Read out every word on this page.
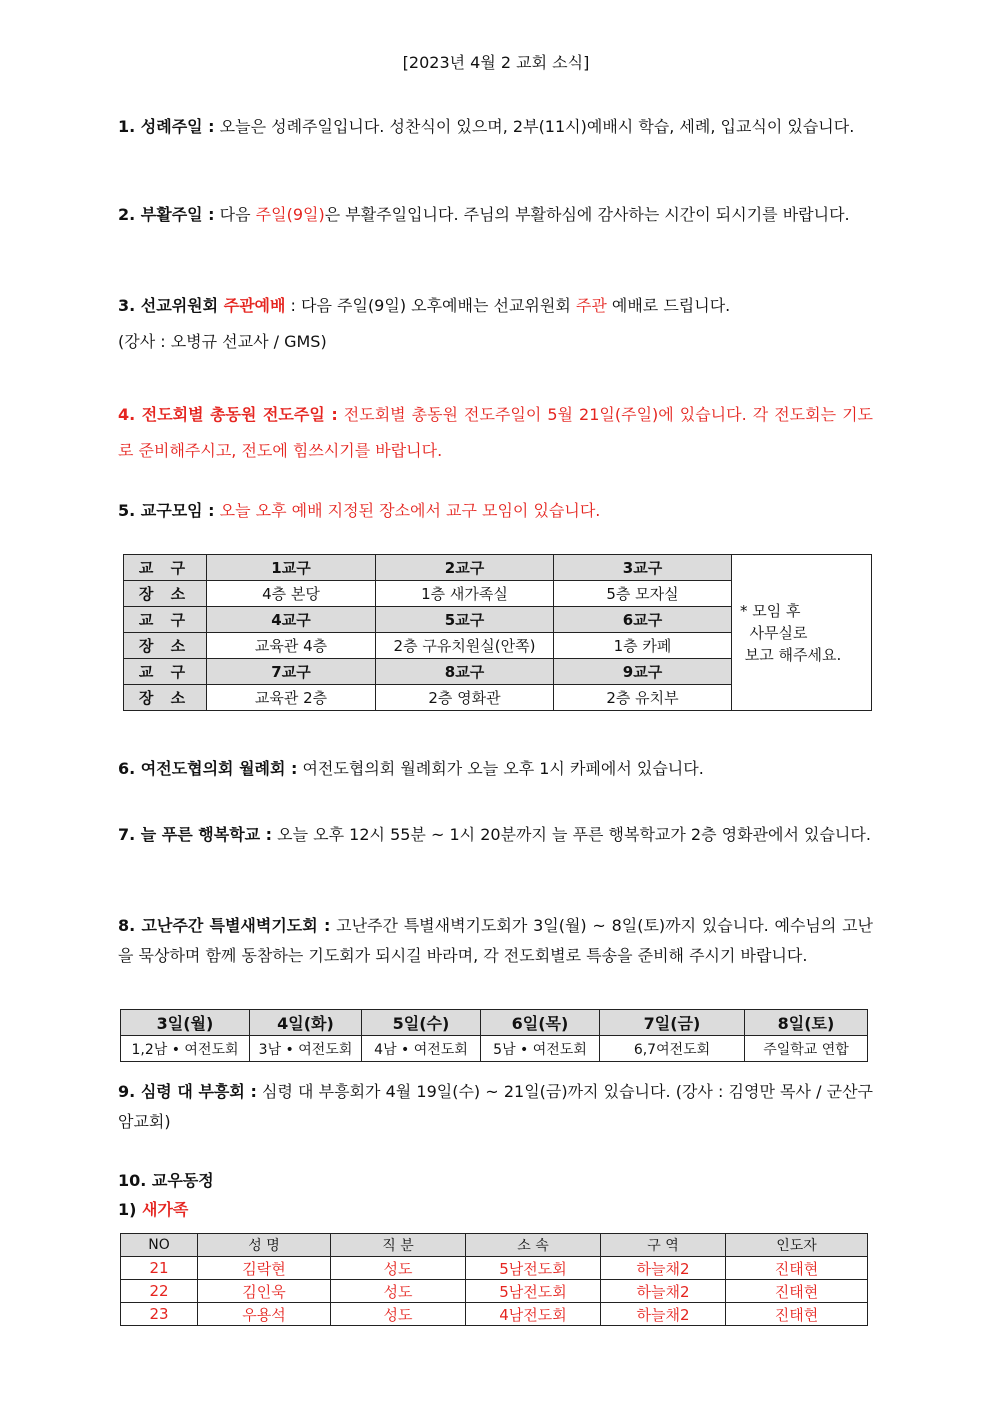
[2023년 4월 2 교회 소식]
1. 성례주일 : 오늘은 성례주일입니다. 성찬식이 있으며, 2부(11시)예배시 학습, 세례, 입교식이 있습니다.
2. 부활주일 : 다음 주일(9일)은 부활주일입니다. 주님의 부활하심에 감사하는 시간이 되시기를 바랍니다.
3. 선교위원회 주관예배 : 다음 주일(9일) 오후예배는 선교위원회 주관 예배로 드립니다.
(강사 : 오병규 선교사 / GMS)
4. 전도회별 총동원 전도주일 : 전도회별 총동원 전도주일이 5월 21일(주일)에 있습니다. 각 전도회는 기도로 준비해주시고, 전도에 힘쓰시기를 바랍니다.
5. 교구모임 : 오늘 오후 예배 지정된 장소에서 교구 모임이 있습니다.
교 구	1교구	2교구	3교구	* 모임 후
사무실로
보고 해주세요.
장 소	4층 본당	1층 새가족실	5층 모자실	
교 구	4교구	5교구	6교구	
장 소	교육관 4층	2층 구유치원실(안쪽)	1층 카페	
교 구	7교구	8교구	9교구	
장 소	교육관 2층	2층 영화관	2층 유치부	
6. 여전도협의회 월례회 : 여전도협의회 월례회가 오늘 오후 1시 카페에서 있습니다.
7. 늘 푸른 행복학교 : 오늘 오후 12시 55분 ~ 1시 20분까지 늘 푸른 행복학교가 2층 영화관에서 있습니다.
8. 고난주간 특별새벽기도회 : 고난주간 특별새벽기도회가 3일(월) ~ 8일(토)까지 있습니다. 예수님의 고난을 묵상하며 함께 동참하는 기도회가 되시길 바라며, 각 전도회별로 특송을 준비해 주시기 바랍니다.
3일(월)	4일(화)	5일(수)	6일(목)	7일(금)	8일(토)
1,2남 • 여전도회	3남 • 여전도회	4남 • 여전도회	5남 • 여전도회	6,7여전도회	주일학교 연합
9. 심령 대 부흥회 : 심령 대 부흥회가 4월 19일(수) ~ 21일(금)까지 있습니다. (강사 : 김영만 목사 / 군산구암교회)
10. 교우동정
1) 새가족
NO	성 명	직 분	소 속	구 역	인도자
21	김락현	성도	5남전도회	하늘채2	진태현
22	김인욱	성도	5남전도회	하늘채2	진태현
23	우용석	성도	4남전도회	하늘채2	진태현
